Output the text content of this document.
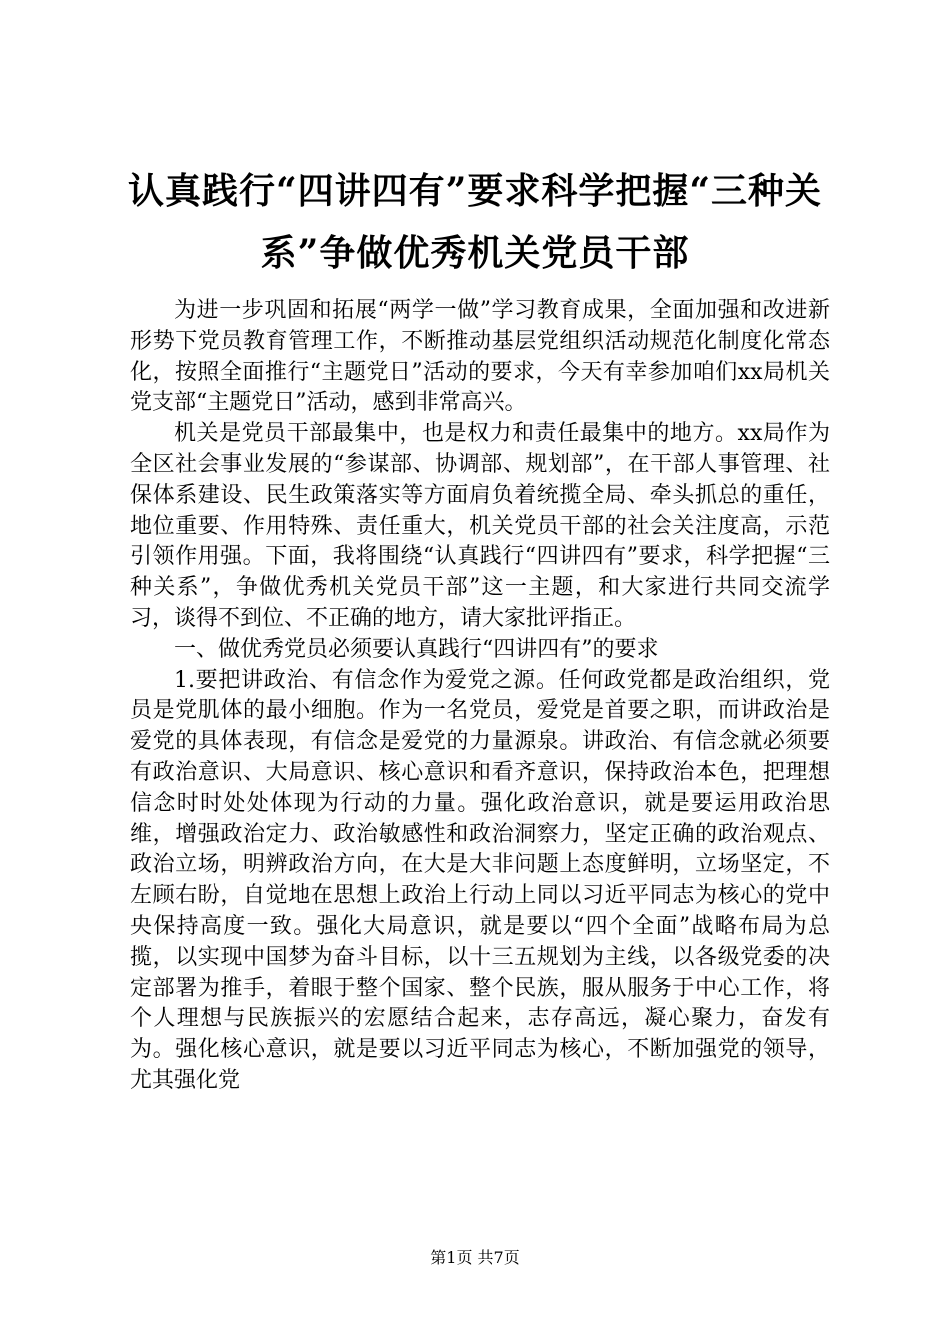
认真践行“四讲四有”要求科学把握“三种关
系”争做优秀机关党员干部

为进一步巩固和拓展“两学一做”学习教育成果，全面加强和改进新形势下党员教育管理工作，不断推动基层党组织活动规范化制度化常态化，按照全面推行“主题党日”活动的要求，今天有幸参加咱们xx局机关党支部“主题党日”活动，感到非常高兴。

机关是党员干部最集中，也是权力和责任最集中的地方。xx局作为全区社会事业发展的“参谋部、协调部、规划部”，在干部人事管理、社保体系建设、民生政策落实等方面肩负着统揽全局、牵头抓总的重任，地位重要、作用特殊、责任重大，机关党员干部的社会关注度高，示范引领作用强。下面，我将围绕“认真践行“四讲四有”要求，科学把握“三种关系”，争做优秀机关党员干部”这一主题，和大家进行共同交流学习，谈得不到位、不正确的地方，请大家批评指正。

一、做优秀党员必须要认真践行“四讲四有”的要求

1.要把讲政治、有信念作为爱党之源。任何政党都是政治组织，党员是党肌体的最小细胞。作为一名党员，爱党是首要之职，而讲政治是爱党的具体表现，有信念是爱党的力量源泉。讲政治、有信念就必须要有政治意识、大局意识、核心意识和看齐意识，保持政治本色，把理想信念时时处处体现为行动的力量。强化政治意识，就是要运用政治思维，增强政治定力、政治敏感性和政治洞察力，坚定正确的政治观点、政治立场，明辨政治方向，在大是大非问题上态度鲜明，立场坚定，不左顾右盼，自觉地在思想上政治上行动上同以习近平同志为核心的党中央保持高度一致。强化大局意识，就是要以“四个全面”战略布局为总揽，以实现中国梦为奋斗目标，以十三五规划为主线，以各级党委的决定部署为推手，着眼于整个国家、整个民族，服从服务于中心工作，将个人理想与民族振兴的宏愿结合起来，志存高远，凝心聚力，奋发有为。强化核心意识，就是要以习近平同志为核心，不断加强党的领导，尤其强化党

第1页 共7页
